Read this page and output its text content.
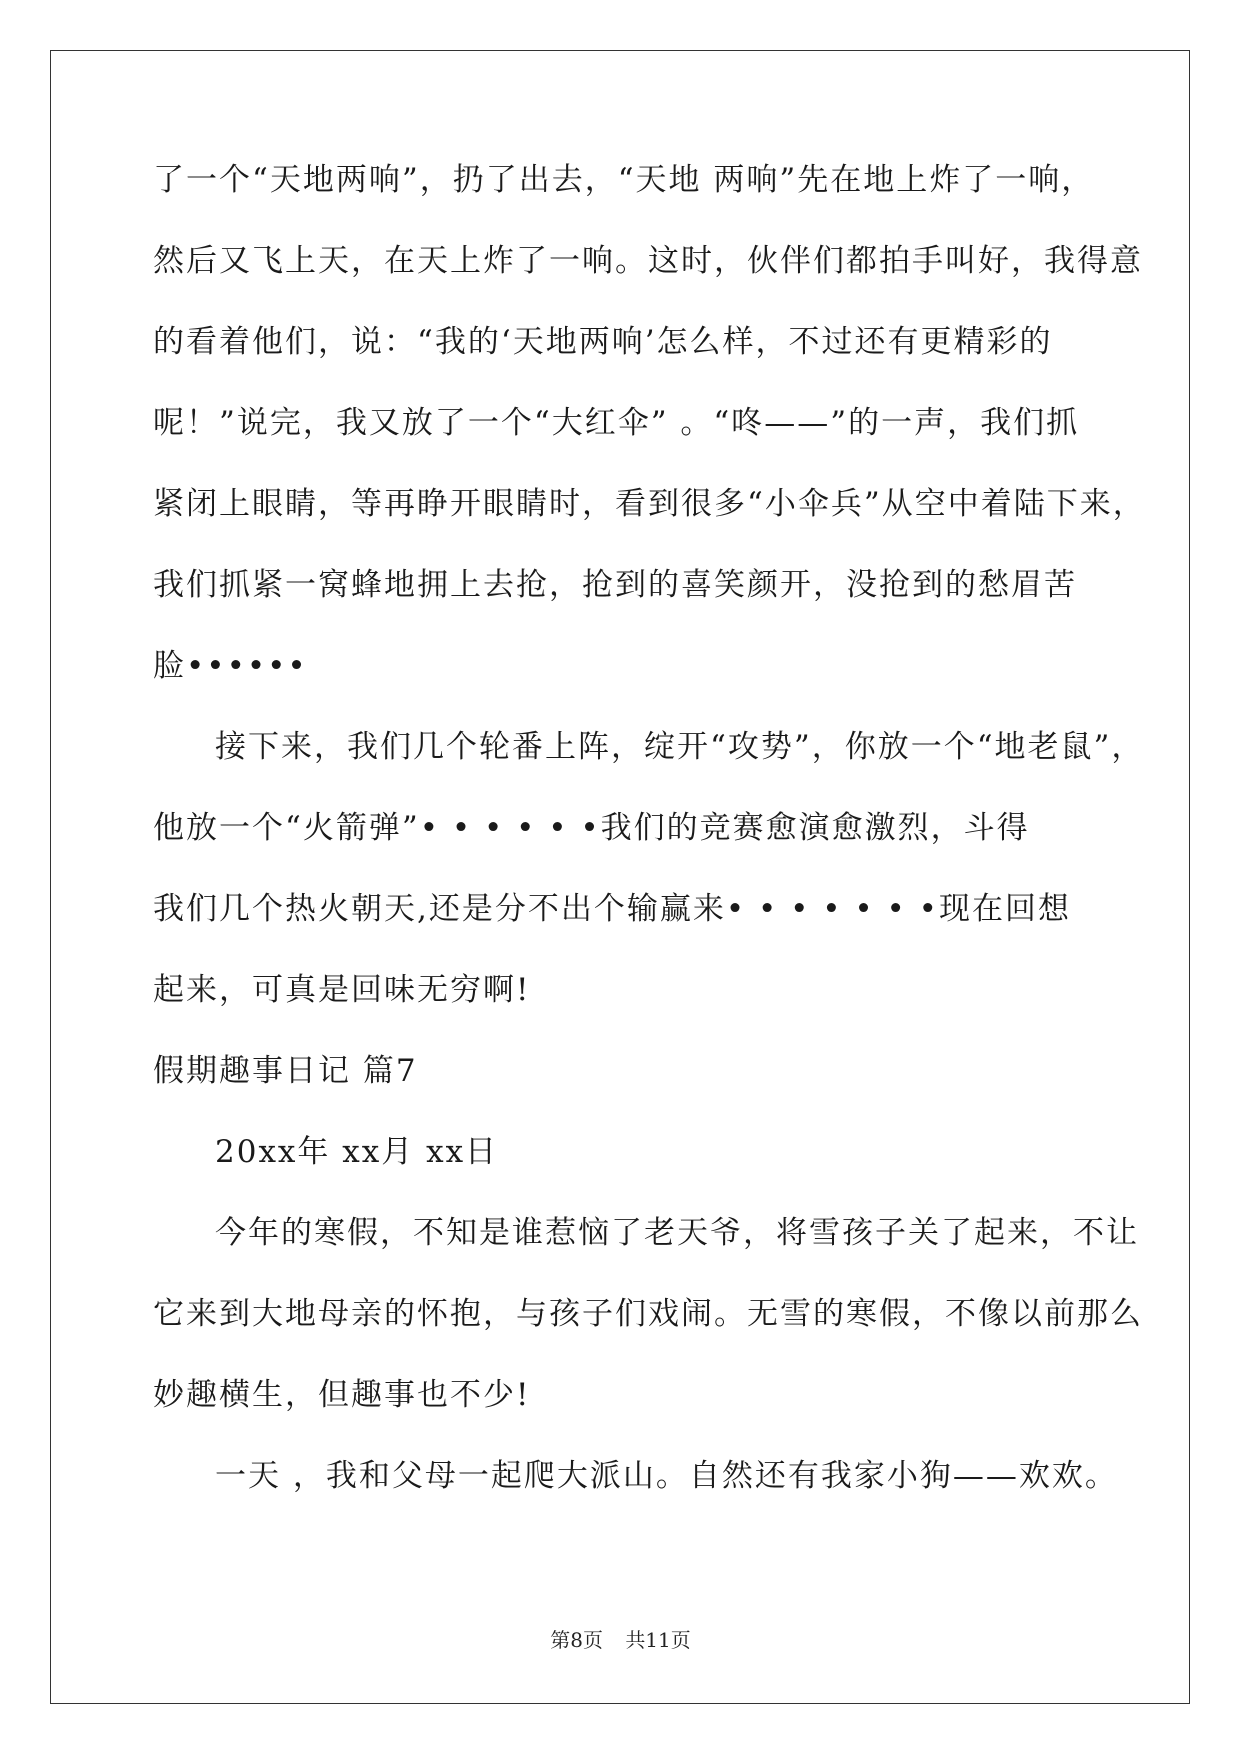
了一个“天地两响”，扔了出去，“天地 两响”先在地上炸了一响，
然后又飞上天，在天上炸了一响。这时，伙伴们都拍手叫好，我得意
的看着他们，说：“我的‘天地两响’怎么样，不过还有更精彩的
呢！”说完，我又放了一个“大红伞” 。“咚——”的一声，我们抓
紧闭上眼睛，等再睁开眼睛时，看到很多“小伞兵”从空中着陆下来，
我们抓紧一窝蜂地拥上去抢，抢到的喜笑颜开，没抢到的愁眉苦
脸••••••
接下来，我们几个轮番上阵，绽开“攻势”，你放一个“地老鼠”，
他放一个“火箭弹”• • • • • •我们的竞赛愈演愈激烈，斗得
我们几个热火朝天,还是分不出个输赢来• • • • • • •现在回想
起来，可真是回味无穷啊!
假期趣事日记 篇7
20xx年 xx月 xx日
今年的寒假，不知是谁惹恼了老天爷，将雪孩子关了起来，不让
它来到大地母亲的怀抱，与孩子们戏闹。无雪的寒假，不像以前那么
妙趣横生，但趣事也不少!
一天 ，我和父母一起爬大派山。自然还有我家小狗——欢欢。
第8页 共11页
